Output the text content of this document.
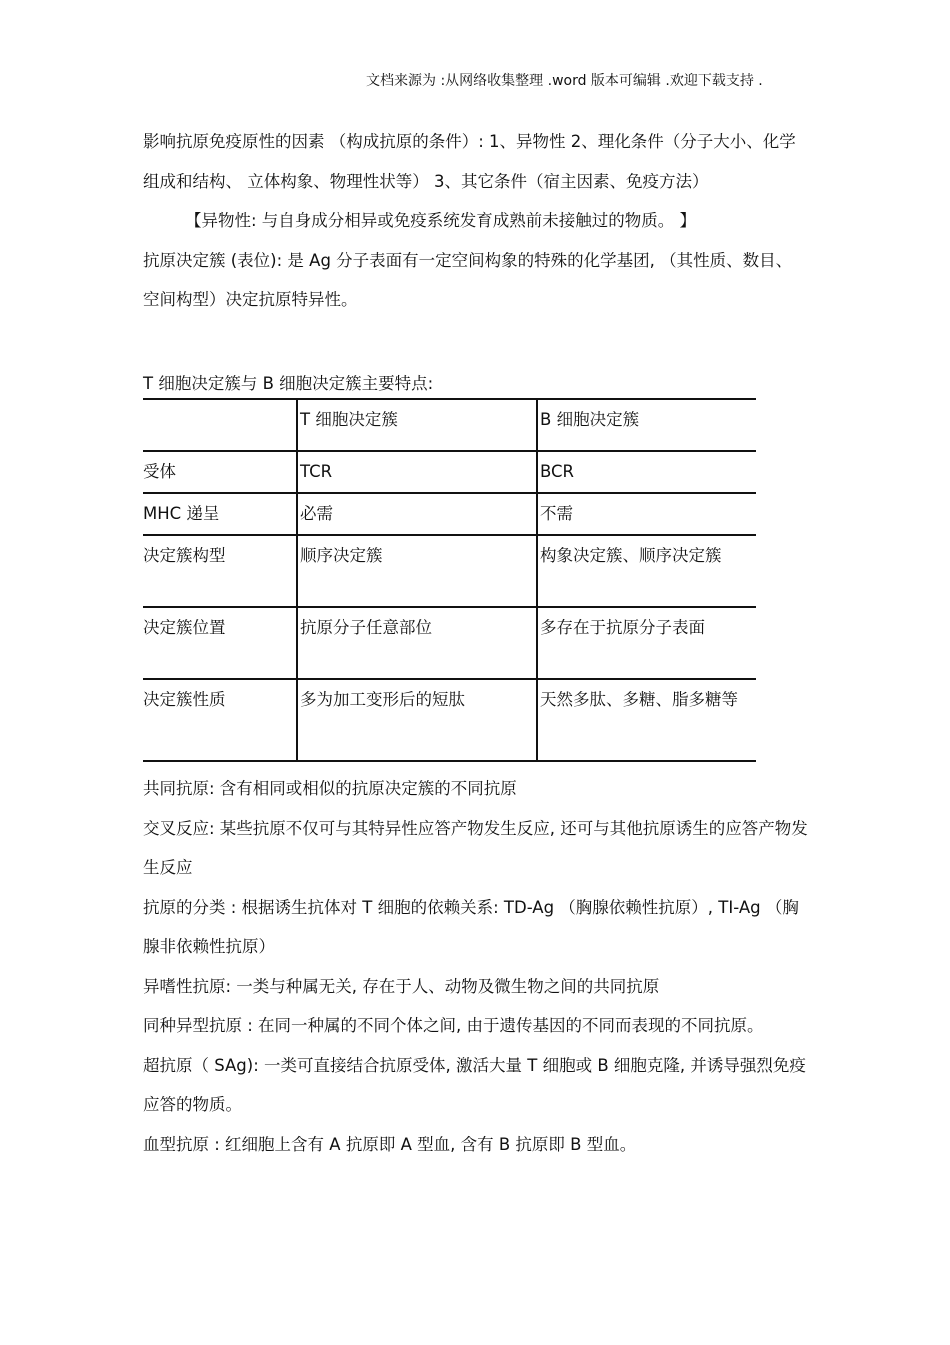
文档来源为 :从网络收集整理 .word 版本可编辑 .欢迎下载支持 .

影响抗原免疫原性的因素 （构成抗原的条件）: 1、异物性 2、理化条件（分子大小、化学组成和结构、 立体构象、物理性状等） 3、其它条件（宿主因素、免疫方法）

【异物性: 与自身成分相异或免疫系统发育成熟前未接触过的物质。 】

抗原决定簇 (表位): 是 Ag 分子表面有一定空间构象的特殊的化学基团, （其性质、数目、空间构型）决定抗原特异性。

T 细胞决定簇与 B 细胞决定簇主要特点:
	T 细胞决定簇	B 细胞决定簇
受体	TCR	BCR
MHC 递呈	必需	不需
决定簇构型	顺序决定簇	构象决定簇、顺序决定簇
决定簇位置	抗原分子任意部位	多存在于抗原分子表面
决定簇性质	多为加工变形后的短肽	天然多肽、多糖、脂多糖等

共同抗原: 含有相同或相似的抗原决定簇的不同抗原

交叉反应: 某些抗原不仅可与其特异性应答产物发生反应, 还可与其他抗原诱生的应答产物发生反应

抗原的分类 : 根据诱生抗体对 T 细胞的依赖关系: TD-Ag （胸腺依赖性抗原）, TI-Ag （胸腺非依赖性抗原）

异嗜性抗原: 一类与种属无关, 存在于人、动物及微生物之间的共同抗原

同种异型抗原 : 在同一种属的不同个体之间, 由于遗传基因的不同而表现的不同抗原。

超抗原（ SAg): 一类可直接结合抗原受体, 激活大量 T 细胞或 B 细胞克隆, 并诱导强烈免疫应答的物质。

血型抗原 : 红细胞上含有 A 抗原即 A 型血, 含有 B 抗原即 B 型血。
